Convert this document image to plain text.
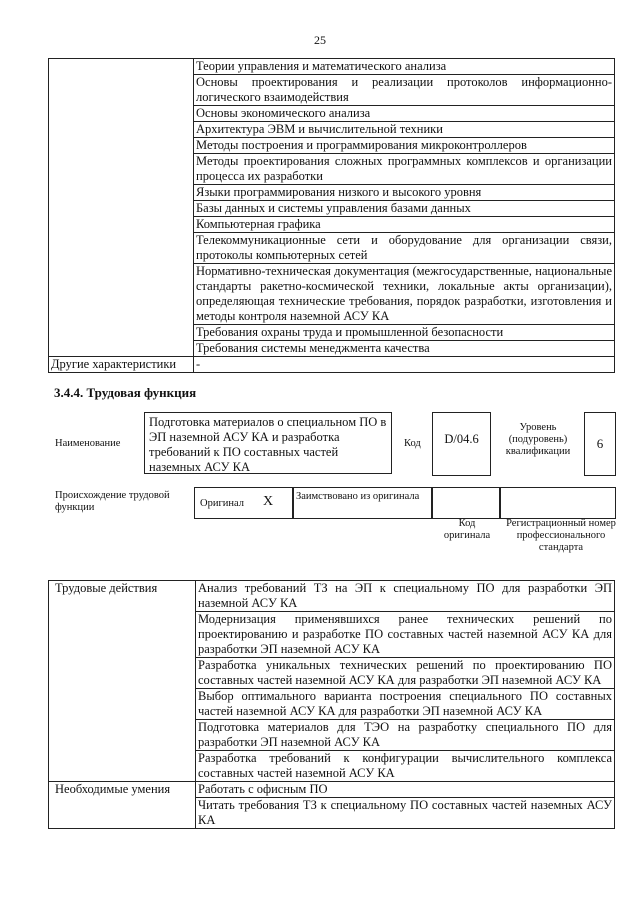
25
	Теории управления и математического анализа
	Основы проектирования и реализации протоколов информационно-логического взаимодействия
	Основы экономического анализа
	Архитектура ЭВМ и вычислительной техники
	Методы построения и программирования микроконтроллеров
	Методы проектирования сложных программных комплексов и организации процесса их разработки
	Языки программирования низкого и высокого уровня
	Базы данных и системы управления базами данных
	Компьютерная графика
	Телекоммуникационные сети и оборудование для организации связи, протоколы компьютерных сетей
	Нормативно-техническая документация (межгосударственные, национальные стандарты ракетно-космической техники, локальные акты организации), определяющая технические требования, порядок разработки, изготовления и методы контроля наземной АСУ КА
	Требования охраны труда и промышленной безопасности
	Требования системы менеджмента качества
Другие характеристики	-
3.4.4. Трудовая функция
Наименование
Подготовка материалов о специальном ПО в ЭП наземной АСУ КА и разработка требований к ПО составных частей наземных АСУ КА
Код	D/04.6
Уровень (подуровень) квалификации
6
Происхождение трудовой функции	Оригинал X Заимствовано из оригинала
Код оригинала
Регистрационный номер профессионального стандарта
Трудовые действия	Анализ требований ТЗ на ЭП к специальному ПО для разработки ЭП наземной АСУ КА
	Модернизация применявшихся ранее технических решений по проектированию и разработке ПО составных частей наземной АСУ КА для разработки ЭП наземной АСУ КА
	Разработка уникальных технических решений по проектированию ПО составных частей наземной АСУ КА для разработки ЭП наземной АСУ КА
	Выбор оптимального варианта построения специального ПО составных частей наземной АСУ КА для разработки ЭП наземной АСУ КА
	Подготовка материалов для ТЭО на разработку специального ПО для разработки ЭП наземной АСУ КА
	Разработка требований к конфигурации вычислительного комплекса составных частей наземной АСУ КА
Необходимые умения	Работать с офисным ПО
	Читать требования ТЗ к специальному ПО составных частей наземных АСУ КА
